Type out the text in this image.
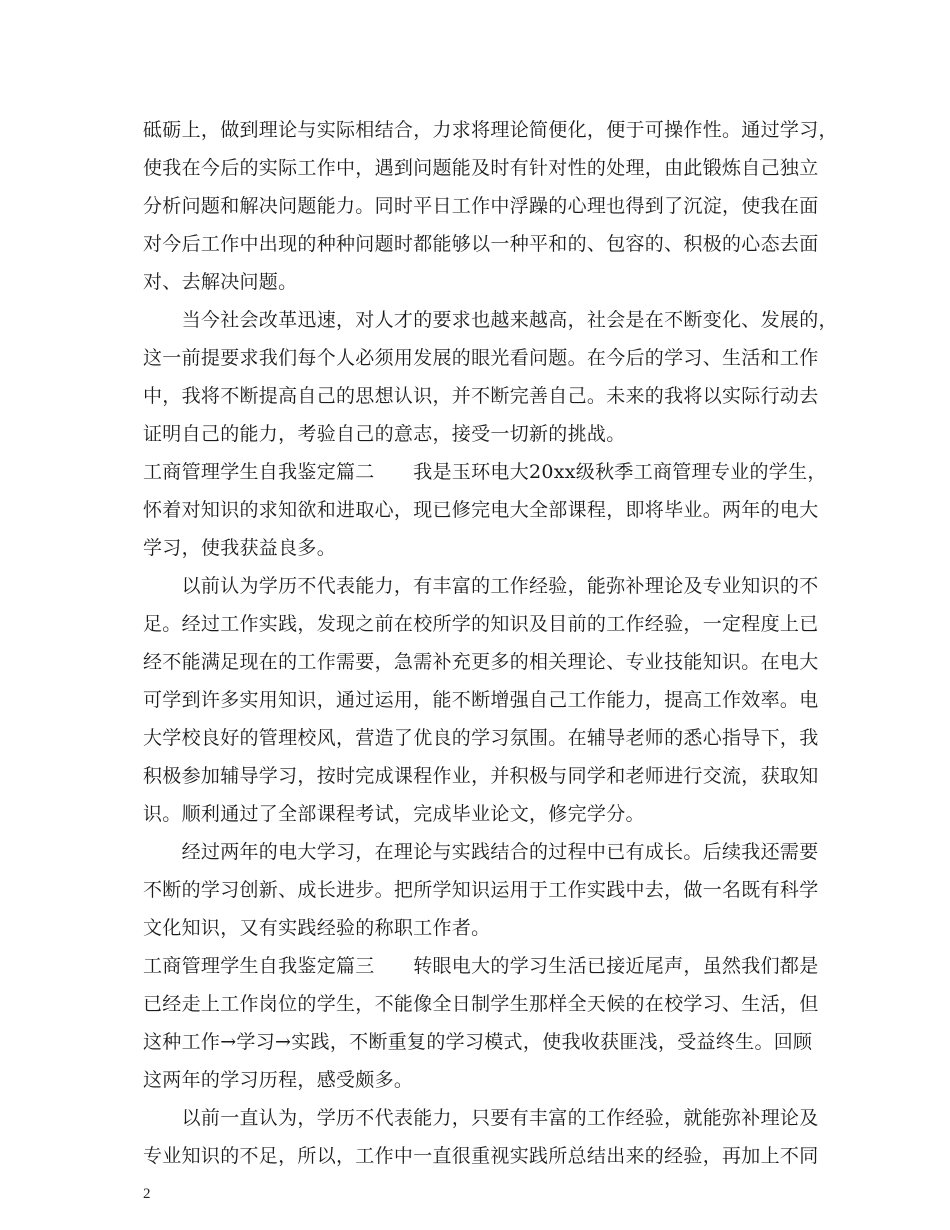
砥砺上，做到理论与实际相结合，力求将理论简便化，便于可操作性。通过学习，
使我在今后的实际工作中，遇到问题能及时有针对性的处理，由此锻炼自己独立
分析问题和解决问题能力。同时平日工作中浮躁的心理也得到了沉淀，使我在面
对今后工作中出现的种种问题时都能够以一种平和的、包容的、积极的心态去面
对、去解决问题。
　　当今社会改革迅速，对人才的要求也越来越高，社会是在不断变化、发展的，
这一前提要求我们每个人必须用发展的眼光看问题。在今后的学习、生活和工作
中，我将不断提高自己的思想认识，并不断完善自己。未来的我将以实际行动去
证明自己的能力，考验自己的意志，接受一切新的挑战。
工商管理学生自我鉴定篇二　　我是玉环电大20xx级秋季工商管理专业的学生，
怀着对知识的求知欲和进取心，现已修完电大全部课程，即将毕业。两年的电大
学习，使我获益良多。
　　以前认为学历不代表能力，有丰富的工作经验，能弥补理论及专业知识的不
足。经过工作实践，发现之前在校所学的知识及目前的工作经验，一定程度上已
经不能满足现在的工作需要，急需补充更多的相关理论、专业技能知识。在电大
可学到许多实用知识，通过运用，能不断增强自己工作能力，提高工作效率。电
大学校良好的管理校风，营造了优良的学习氛围。在辅导老师的悉心指导下，我
积极参加辅导学习，按时完成课程作业，并积极与同学和老师进行交流，获取知
识。顺利通过了全部课程考试，完成毕业论文，修完学分。
　　经过两年的电大学习，在理论与实践结合的过程中已有成长。后续我还需要
不断的学习创新、成长进步。把所学知识运用于工作实践中去，做一名既有科学
文化知识，又有实践经验的称职工作者。
工商管理学生自我鉴定篇三　　转眼电大的学习生活已接近尾声，虽然我们都是
已经走上工作岗位的学生，不能像全日制学生那样全天候的在校学习、生活，但
这种工作→学习→实践，不断重复的学习模式，使我收获匪浅，受益终生。回顾
这两年的学习历程，感受颇多。
　　以前一直认为，学历不代表能力，只要有丰富的工作经验，就能弥补理论及
专业知识的不足，所以，工作中一直很重视实践所总结出来的经验，再加上不同
2
